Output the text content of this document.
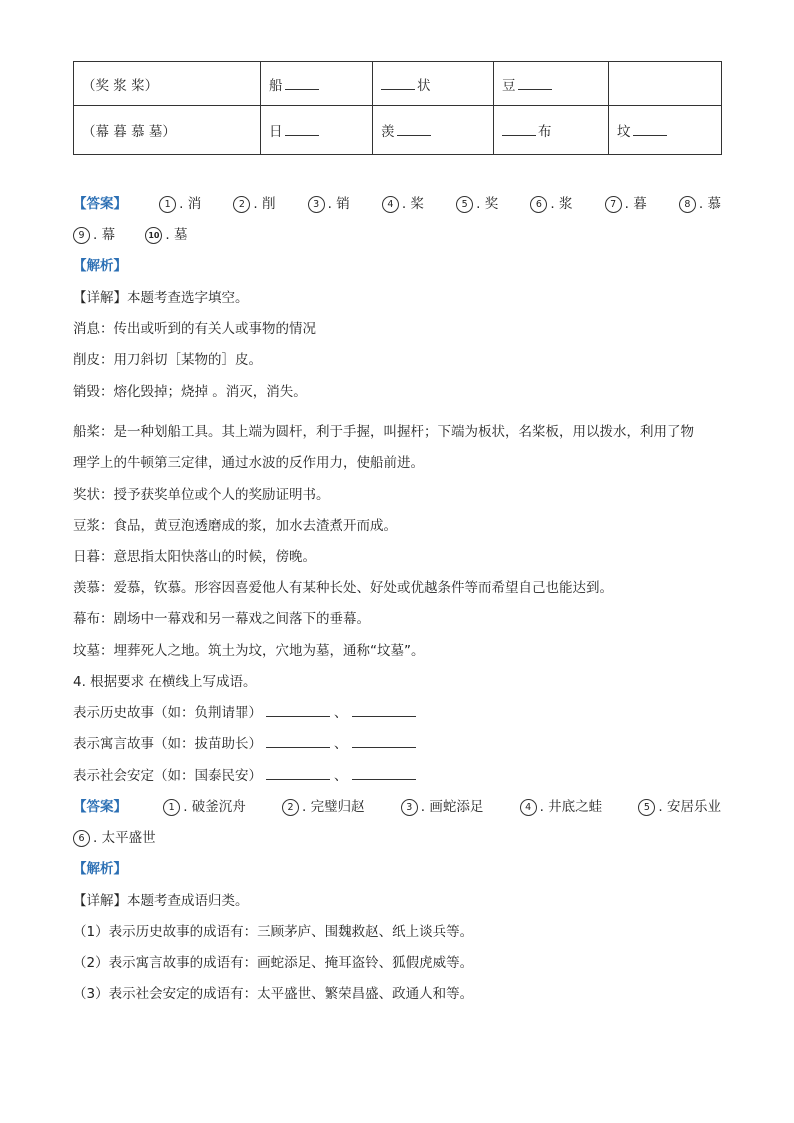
（奖 浆 桨）	船	状	豆	
（幕 暮 慕 墓）	日	羡	布	坟
【答案】	1 . 消	2 . 削	3 . 销	4 . 桨	5 . 奖	6 . 浆	7 . 暮	8 . 慕
9 . 幕	10 . 墓
【解析】
【详解】本题考查选字填空。
消息：传出或听到的有关人或事物的情况
削皮：用刀斜切［某物的］皮。
销毁：熔化毁掉；烧掉 。消灭，消失。
船桨：是一种划船工具。其上端为圆杆，利于手握，叫握杆；下端为板状，名桨板，用以拨水，利用了物
理学上的牛顿第三定律，通过水波的反作用力，使船前进。
奖状：授予获奖单位或个人的奖励证明书。
豆浆：食品，黄豆泡透磨成的浆，加水去渣煮开而成。
日暮：意思指太阳快落山的时候，傍晚。
羡慕：爱慕，钦慕。形容因喜爱他人有某种长处、好处或优越条件等而希望自己也能达到。
幕布：剧场中一幕戏和另一幕戏之间落下的垂幕。
坟墓：埋葬死人之地。筑土为坟，穴地为墓，通称“坟墓”。
4. 根据要求 在横线上写成语。
表示历史故事（如：负荆请罪）	、
表示寓言故事（如：拔苗助长）	、
表示社会安定（如：国泰民安）	、
【答案】	1 . 破釜沉舟	2 . 完璧归赵	3 . 画蛇添足	4 . 井底之蛙	5 . 安居乐业
6 . 太平盛世
【解析】
【详解】本题考查成语归类。
（1）表示历史故事的成语有：三顾茅庐、围魏救赵、纸上谈兵等。
（2）表示寓言故事的成语有：画蛇添足、掩耳盗铃、狐假虎威等。
（3）表示社会安定的成语有：太平盛世、繁荣昌盛、政通人和等。
